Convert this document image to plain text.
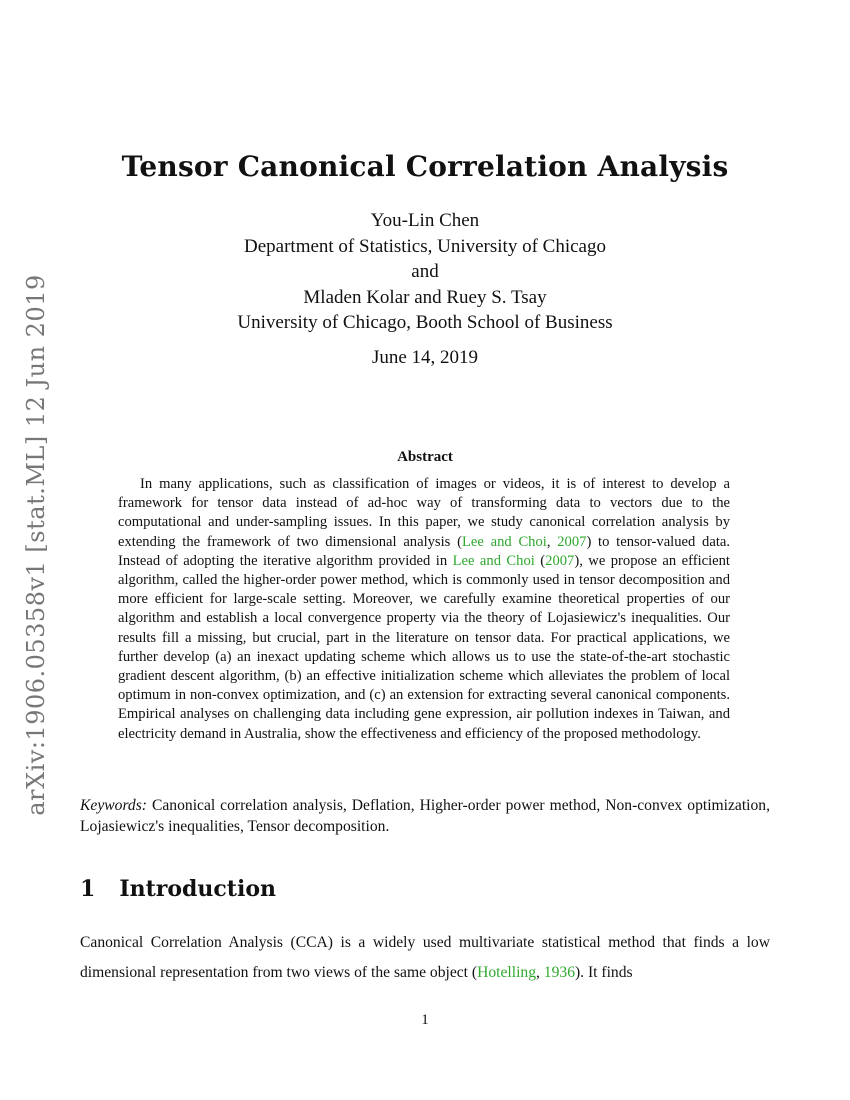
arXiv:1906.05358v1 [stat.ML] 12 Jun 2019
Tensor Canonical Correlation Analysis
You-Lin Chen
Department of Statistics, University of Chicago
and
Mladen Kolar and Ruey S. Tsay
University of Chicago, Booth School of Business
June 14, 2019
Abstract

In many applications, such as classification of images or videos, it is of interest to develop a framework for tensor data instead of ad-hoc way of transforming data to vectors due to the computational and under-sampling issues. In this paper, we study canonical correlation analysis by extending the framework of two dimensional analysis (Lee and Choi, 2007) to tensor-valued data. Instead of adopting the iterative algorithm provided in Lee and Choi (2007), we propose an efficient algorithm, called the higher-order power method, which is commonly used in tensor decomposition and more efficient for large-scale setting. Moreover, we carefully examine theoretical properties of our algorithm and establish a local convergence property via the theory of Lojasiewicz's inequalities. Our results fill a missing, but crucial, part in the literature on tensor data. For practical applications, we further develop (a) an inexact updating scheme which allows us to use the state-of-the-art stochastic gradient descent algorithm, (b) an effective initialization scheme which alleviates the problem of local optimum in non-convex optimization, and (c) an extension for extracting several canonical components. Empirical analyses on challenging data including gene expression, air pollution indexes in Taiwan, and electricity demand in Australia, show the effectiveness and efficiency of the proposed methodology.

Keywords: Canonical correlation analysis, Deflation, Higher-order power method, Non-convex optimization, Lojasiewicz's inequalities, Tensor decomposition.

1 Introduction

Canonical Correlation Analysis (CCA) is a widely used multivariate statistical method that finds a low dimensional representation from two views of the same object (Hotelling, 1936). It finds

1
